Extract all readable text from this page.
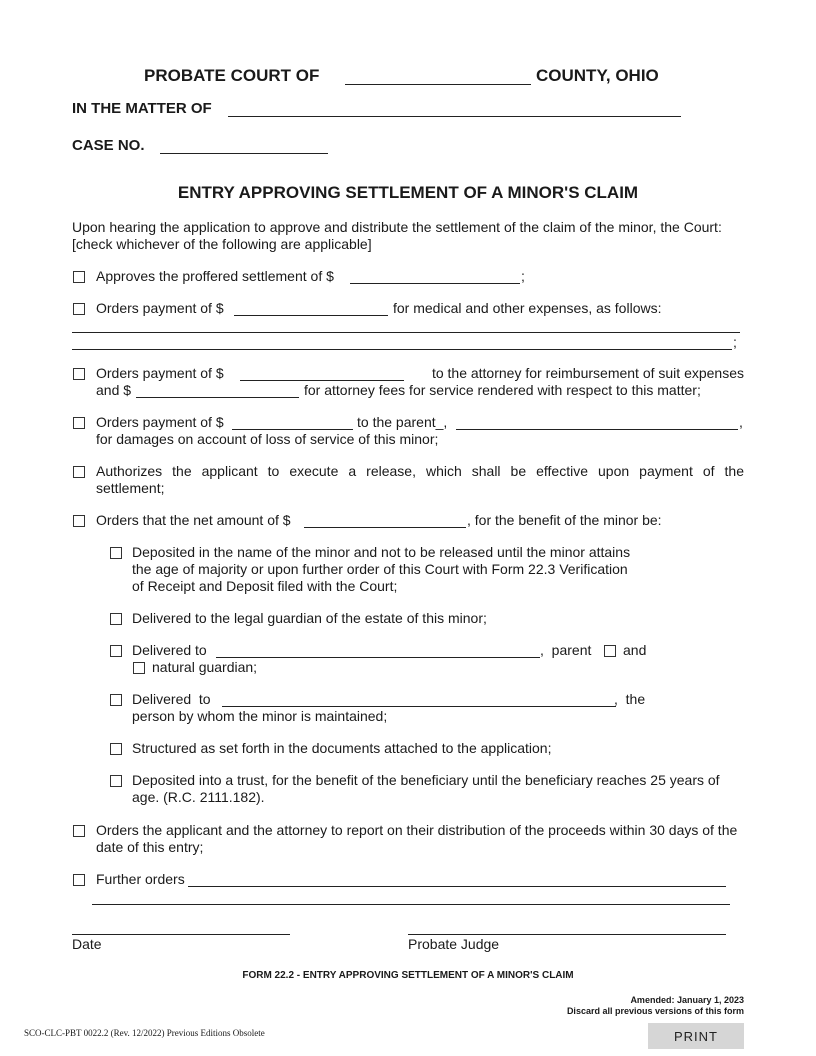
PROBATE COURT OF	COUNTY, OHIO
IN THE MATTER OF
CASE NO.
ENTRY APPROVING SETTLEMENT OF A MINOR'S CLAIM
Upon hearing the application to approve and distribute the settlement of the claim of the minor, the Court: [check whichever of the following are applicable]
Approves the proffered settlement of $	;
Orders payment of $	for medical and other expenses, as follows:
;
Orders payment of $	to the attorney for reimbursement of suit expenses
and $	for attorney fees for service rendered with respect to this matter;
Orders payment of $	to the parent_,	,
for damages on account of loss of service of this minor;
Authorizes the applicant to execute a release, which shall be effective upon payment of the
settlement;
Orders that the net amount of $	, for the benefit of the minor be:
Deposited in the name of the minor and not to be released until the minor attains
the age of majority or upon further order of this Court with Form 22.3 Verification
of Receipt and Deposit filed with the Court;
Delivered to the legal guardian of the estate of this minor;
Delivered to	,  parent and
natural guardian;
Delivered  to	,  the
person by whom the minor is maintained;
Structured as set forth in the documents attached to the application;
Deposited into a trust, for the benefit of the beneficiary until the beneficiary reaches 25 years of
age. (R.C. 2111.182).
Orders the applicant and the attorney to report on their distribution of the proceeds within 30 days of the
date of this entry;
Further orders
Date	Probate Judge
FORM 22.2 - ENTRY APPROVING SETTLEMENT OF A MINOR'S CLAIM
Amended: January 1, 2023
Discard all previous versions of this form
SCO-CLC-PBT 0022.2 (Rev. 12/2022) Previous Editions Obsolete	PRINT
